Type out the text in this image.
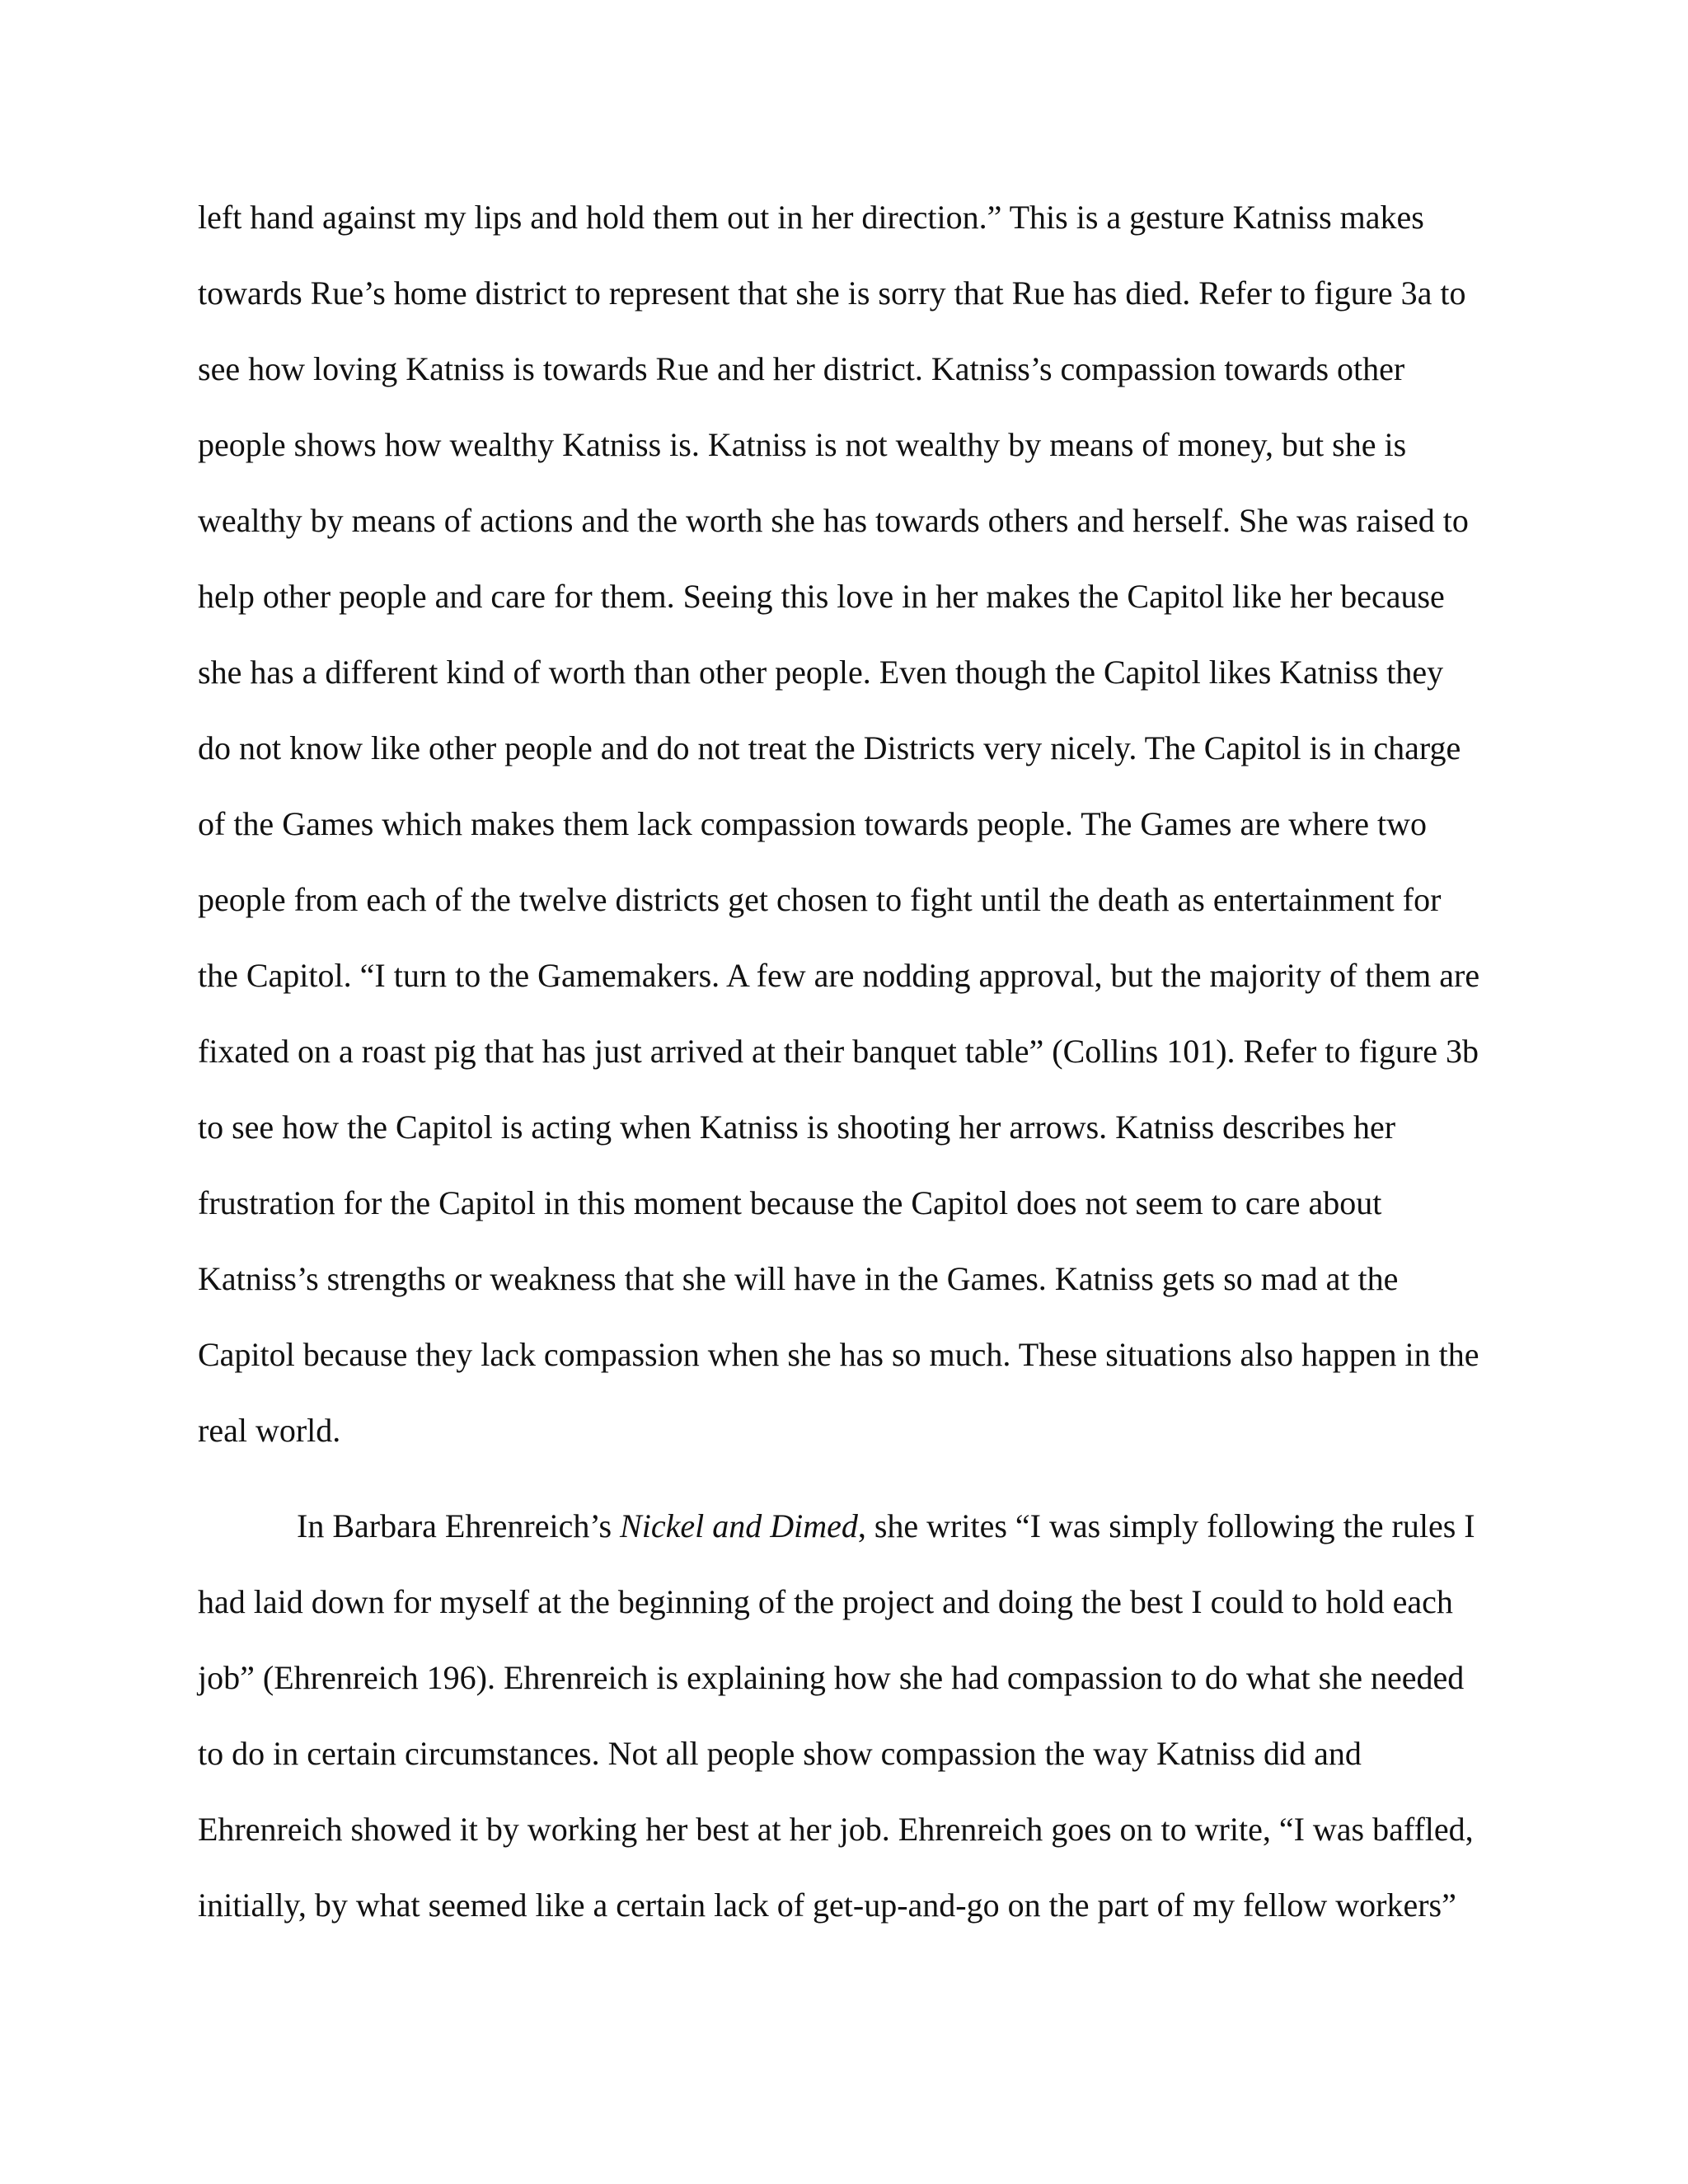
left hand against my lips and hold them out in her direction.” This is a gesture Katniss makes
towards Rue’s home district to represent that she is sorry that Rue has died. Refer to figure 3a to
see how loving Katniss is towards Rue and her district. Katniss’s compassion towards other
people shows how wealthy Katniss is. Katniss is not wealthy by means of money, but she is
wealthy by means of actions and the worth she has towards others and herself. She was raised to
help other people and care for them. Seeing this love in her makes the Capitol like her because
she has a different kind of worth than other people. Even though the Capitol likes Katniss they
do not know like other people and do not treat the Districts very nicely. The Capitol is in charge
of the Games which makes them lack compassion towards people. The Games are where two
people from each of the twelve districts get chosen to fight until the death as entertainment for
the Capitol. “I turn to the Gamemakers. A few are nodding approval, but the majority of them are
fixated on a roast pig that has just arrived at their banquet table” (Collins 101). Refer to figure 3b
to see how the Capitol is acting when Katniss is shooting her arrows. Katniss describes her
frustration for the Capitol in this moment because the Capitol does not seem to care about
Katniss’s strengths or weakness that she will have in the Games. Katniss gets so mad at the
Capitol because they lack compassion when she has so much. These situations also happen in the
real world.
In Barbara Ehrenreich’s Nickel and Dimed, she writes “I was simply following the rules I
had laid down for myself at the beginning of the project and doing the best I could to hold each
job” (Ehrenreich 196). Ehrenreich is explaining how she had compassion to do what she needed
to do in certain circumstances. Not all people show compassion the way Katniss did and
Ehrenreich showed it by working her best at her job. Ehrenreich goes on to write, “I was baffled,
initially, by what seemed like a certain lack of get-up-and-go on the part of my fellow workers”
